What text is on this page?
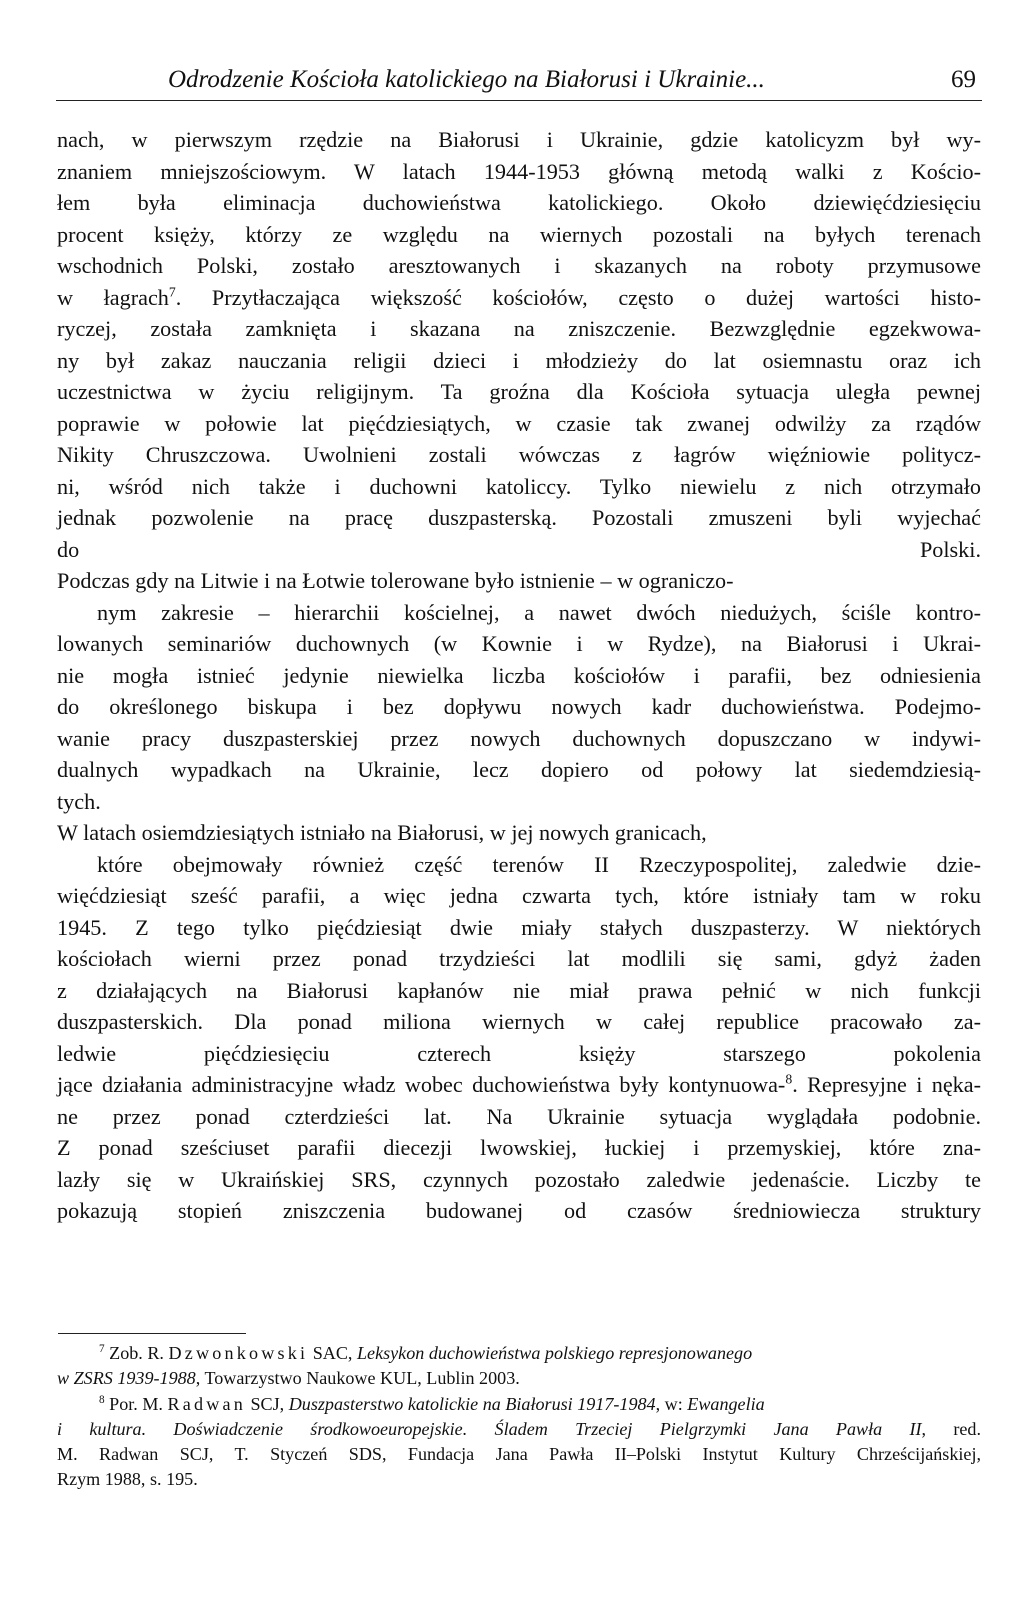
Odrodzenie Kościoła katolickiego na Białorusi i Ukrainie...	69
nach, w pierwszym rzędzie na Białorusi i Ukrainie, gdzie katolicyzm był wy-
znaniem mniejszościowym. W latach 1944-1953 główną metodą walki z Kościo-
łem była eliminacja duchowieństwa katolickiego. Około dziewięćdziesięciu
procent księży, którzy ze względu na wiernych pozostali na byłych terenach
wschodnich Polski, zostało aresztowanych i skazanych na roboty przymusowe
w łagrach$^7$. Przytłaczająca większość kościołów, często o dużej wartości histo-
ryczej, została zamknięta i skazana na zniszczenie. Bezwzględnie egzekwowa-
ny był zakaz nauczania religii dzieci i młodzieży do lat osiemnastu oraz ich
uczestnictwa w życiu religijnym. Ta groźna dla Kościoła sytuacja uległa pewnej
poprawie w połowie lat pięćdziesiątych, w czasie tak zwanej odwilży za rządów
Nikity Chruszczowa. Uwolnieni zostali wówczas z łagrów więźniowie politycz-
ni, wśród nich także i duchowni katoliccy. Tylko niewielu z nich otrzymało
jednak pozwolenie na pracę duszpasterską. Pozostali zmuszeni byli wyjechać
do Polski.
Podczas gdy na Litwie i na Łotwie tolerowane było istnienie – w ograniczo-
nym zakresie – hierarchii kościelnej, a nawet dwóch niedużych, ściśle kontro-
lowanych seminariów duchownych (w Kownie i w Rydze), na Białorusi i Ukrai-
nie mogła istnieć jedynie niewielka liczba kościołów i parafii, bez odniesienia
do określonego biskupa i bez dopływu nowych kadr duchowieństwa. Podejmo-
wanie pracy duszpasterskiej przez nowych duchownych dopuszczano w indywi-
dualnych wypadkach na Ukrainie, lecz dopiero od połowy lat siedemdziesią-
tych.
W latach osiemdziesiątych istniało na Białorusi, w jej nowych granicach,
które obejmowały również część terenów II Rzeczypospolitej, zaledwie dzie-
więćdziesiąt sześć parafii, a więc jedna czwarta tych, które istniały tam w roku
1945. Z tego tylko pięćdziesiąt dwie miały stałych duszpasterzy. W niektórych
kościołach wierni przez ponad trzydzieści lat modlili się sami, gdyż żaden
z działających na Białorusi kapłanów nie miał prawa pełnić w nich funkcji
duszpasterskich. Dla ponad miliona wiernych w całej republice pracowało za-
ledwie pięćdziesięciu czterech księży starszego pokolenia
jące działania administracyjne władz wobec duchowieństwa były kontynuowa-$^8$. Represyjne i nęka-
ne przez ponad czterdzieści lat. Na Ukrainie sytuacja wyglądała podobnie.
Z ponad sześciuset parafii diecezji lwowskiej, łuckiej i przemyskiej, które zna-
lazły się w Ukraińskiej SRS, czynnych pozostało zaledwie jedenaście. Liczby te
pokazują stopień zniszczenia budowanej od czasów średniowiecza struktury
$^7$ Zob. R. Dzwonkowski SAC, Leksykon duchowieństwa polskiego represjonowanego
w ZSRS 1939-1988, Towarzystwo Naukowe KUL, Lublin 2003.
$^8$ Por. M. Radwan SCJ, Duszpasterstwo katolickie na Białorusi 1917-1984, w: Ewangelia
i kultura. Doświadczenie środkowoeuropejskie. Śladem Trzeciej Pielgrzymki Jana Pawła II, red.
M. Radwan SCJ, T. Styczeń SDS, Fundacja Jana Pawła II–Polski Instytut Kultury Chrześcijańskiej,
Rzym 1988, s. 195.
